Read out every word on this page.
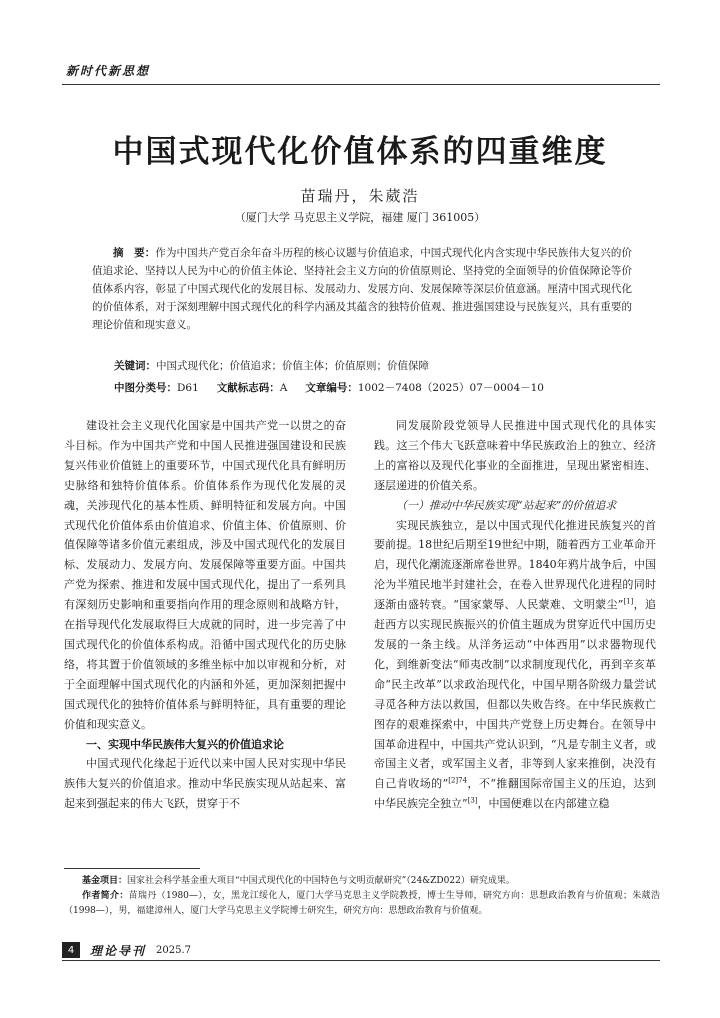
新时代新思想
中国式现代化价值体系的四重维度
苗瑞丹，朱葳浩
（厦门大学 马克思主义学院，福建 厦门 361005）

摘　要：作为中国共产党百余年奋斗历程的核心议题与价值追求，中国式现代化内含实现中华民族伟大复兴的价值追求论、坚持以人民为中心的价值主体论、坚持社会主义方向的价值原则论、坚持党的全面领导的价值保障论等价值体系内容，彰显了中国式现代化的发展目标、发展动力、发展方向、发展保障等深层价值意涵。厘清中国式现代化的价值体系，对于深刻理解中国式现代化的科学内涵及其蕴含的独特价值观、推进强国建设与民族复兴，具有重要的理论价值和现实意义。

关键词：中国式现代化；价值追求；价值主体；价值原则；价值保障

中图分类号：D61 文献标志码：A 文章编号：1002－7408（2025）07－0004－10

建设社会主义现代化国家是中国共产党一以贯之的奋斗目标。作为中国共产党和中国人民推进强国建设和民族复兴伟业价值链上的重要环节，中国式现代化具有鲜明历史脉络和独特价值体系。价值体系作为现代化发展的灵魂，关涉现代化的基本性质、鲜明特征和发展方向。中国式现代化价值体系由价值追求、价值主体、价值原则、价值保障等诸多价值元素组成，涉及中国式现代化的发展目标、发展动力、发展方向、发展保障等重要方面。中国共产党为探索、推进和发展中国式现代化，提出了一系列具有深刻历史影响和重要指向作用的理念原则和战略方针，在指导现代化发展取得巨大成就的同时，进一步完善了中国式现代化的价值体系构成。沿循中国式现代化的历史脉络，将其置于价值领域的多维坐标中加以审视和分析，对于全面理解中国式现代化的内涵和外延，更加深刻把握中国式现代化的独特价值体系与鲜明特征，具有重要的理论价值和现实意义。

一、实现中华民族伟大复兴的价值追求论

中国式现代化缘起于近代以来中国人民对实现中华民族伟大复兴的价值追求。推动中华民族实现从站起来、富起来到强起来的伟大飞跃，贯穿于不

同发展阶段党领导人民推进中国式现代化的具体实践。这三个伟大飞跃意味着中华民族政治上的独立、经济上的富裕以及现代化事业的全面推进，呈现出紧密相连、逐层递进的价值关系。

（一）推动中华民族实现“站起来”的价值追求

实现民族独立，是以中国式现代化推进民族复兴的首要前提。18世纪后期至19世纪中期，随着西方工业革命开启，现代化潮流逐渐席卷世界。1840年鸦片战争后，中国沦为半殖民地半封建社会，在卷入世界现代化进程的同时逐渐由盛转衰。“国家蒙辱、人民蒙难、文明蒙尘”[1]，追赶西方以实现民族振兴的价值主题成为贯穿近代中国历史发展的一条主线。从洋务运动“中体西用”以求器物现代化，到维新变法“师夷改制”以求制度现代化，再到辛亥革命“民主改革”以求政治现代化，中国早期各阶级力量尝试寻觅各种方法以救国，但都以失败告终。在中华民族救亡图存的艰难探索中，中国共产党登上历史舞台。在领导中国革命进程中，中国共产党认识到，“凡是专制主义者，或帝国主义者，或军国主义者，非等到人家来推倒，决没有自己肯收场的”$^{[2]74}$，不“推翻国际帝国主义的压迫，达到中华民族完全独立”[3]，中国便难以在内部建立稳

基金项目：国家社会科学基金重大项目“中国式现代化的中国特色与文明贡献研究”（24&ZD022）研究成果。

作者简介：苗瑞丹（1980—），女，黑龙江绥化人，厦门大学马克思主义学院教授，博士生导师，研究方向：思想政治教育与价值观；朱葳浩（1998—），男，福建漳州人，厦门大学马克思主义学院博士研究生，研究方向：思想政治教育与价值观。

4	理论导刊 2025.7
